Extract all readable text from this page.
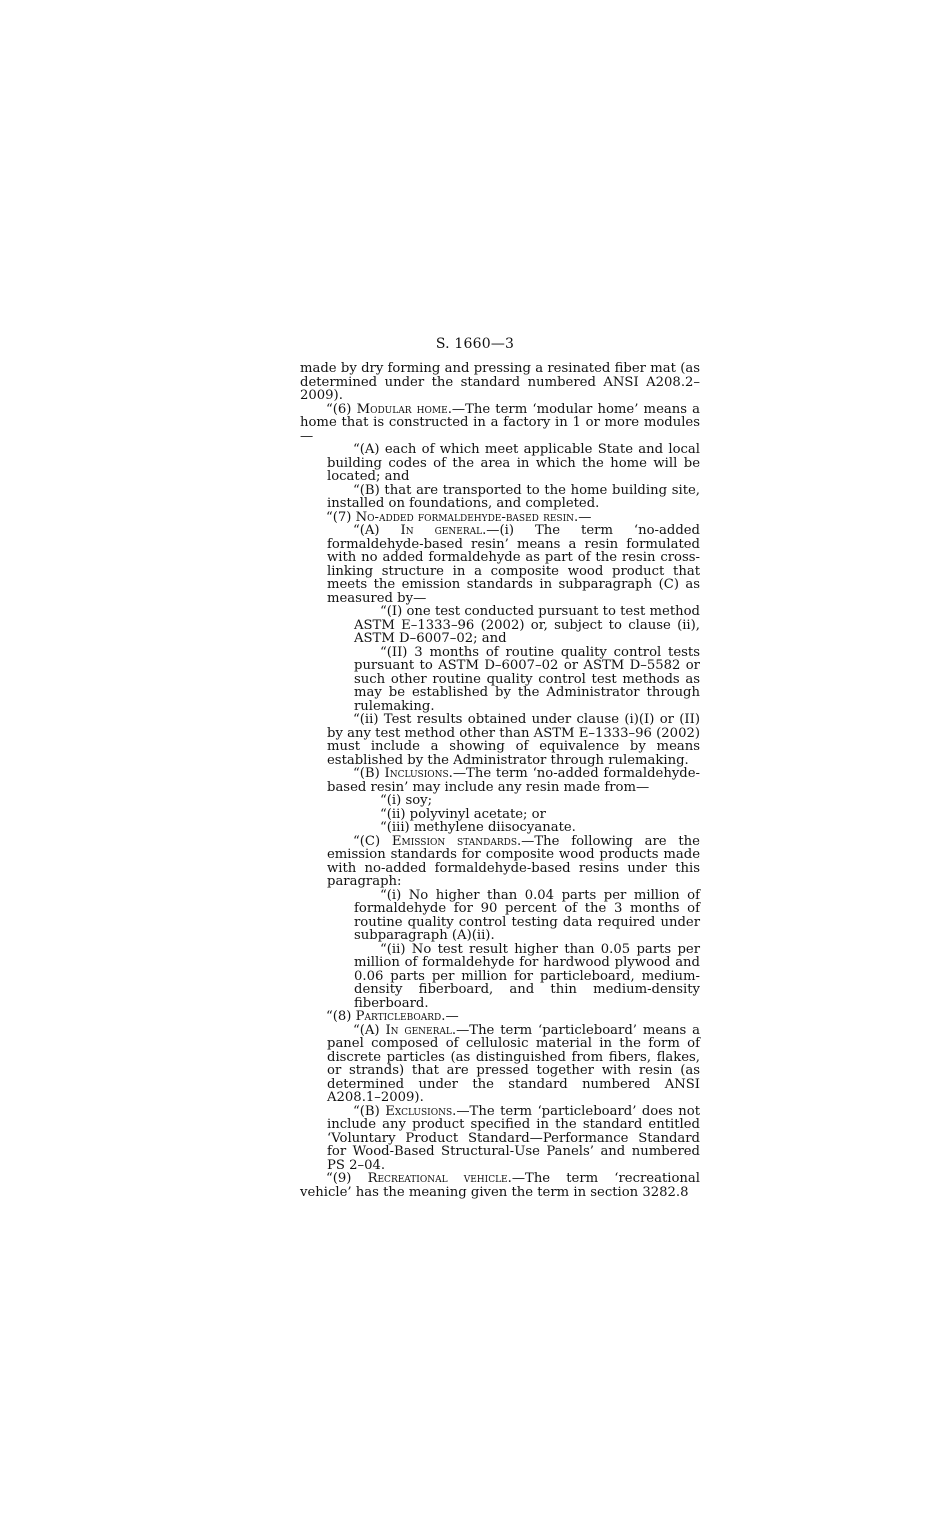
S. 1660—3

made by dry forming and pressing a resinated fiber mat (as determined under the standard numbered ANSI A208.2–2009).

“(6) Modular home.—The term ‘modular home’ means a home that is constructed in a factory in 1 or more modules—

“(A) each of which meet applicable State and local building codes of the area in which the home will be located; and

“(B) that are transported to the home building site, installed on foundations, and completed.

“(7) No-added formaldehyde-based resin.—

“(A) In general.—(i) The term ‘no-added formaldehyde-based resin’ means a resin formulated with no added formaldehyde as part of the resin cross-linking structure in a composite wood product that meets the emission standards in subparagraph (C) as measured by—

“(I) one test conducted pursuant to test method ASTM E–1333–96 (2002) or, subject to clause (ii), ASTM D–6007–02; and

“(II) 3 months of routine quality control tests pursuant to ASTM D–6007–02 or ASTM D–5582 or such other routine quality control test methods as may be established by the Administrator through rulemaking.

“(ii) Test results obtained under clause (i)(I) or (II) by any test method other than ASTM E–1333–96 (2002) must include a showing of equivalence by means established by the Administrator through rulemaking.

“(B) Inclusions.—The term ‘no-added formaldehyde-based resin’ may include any resin made from—

“(i) soy;

“(ii) polyvinyl acetate; or

“(iii) methylene diisocyanate.

“(C) Emission standards.—The following are the emission standards for composite wood products made with no-added formaldehyde-based resins under this paragraph:

“(i) No higher than 0.04 parts per million of formaldehyde for 90 percent of the 3 months of routine quality control testing data required under subparagraph (A)(ii).

“(ii) No test result higher than 0.05 parts per million of formaldehyde for hardwood plywood and 0.06 parts per million for particleboard, medium-density fiberboard, and thin medium-density fiberboard.

“(8) Particleboard.—

“(A) In general.—The term ‘particleboard’ means a panel composed of cellulosic material in the form of discrete particles (as distinguished from fibers, flakes, or strands) that are pressed together with resin (as determined under the standard numbered ANSI A208.1–2009).

“(B) Exclusions.—The term ‘particleboard’ does not include any product specified in the standard entitled ‘Voluntary Product Standard—Performance Standard for Wood-Based Structural-Use Panels’ and numbered PS 2–04.

“(9) Recreational vehicle.—The term ‘recreational vehicle’ has the meaning given the term in section 3282.8
